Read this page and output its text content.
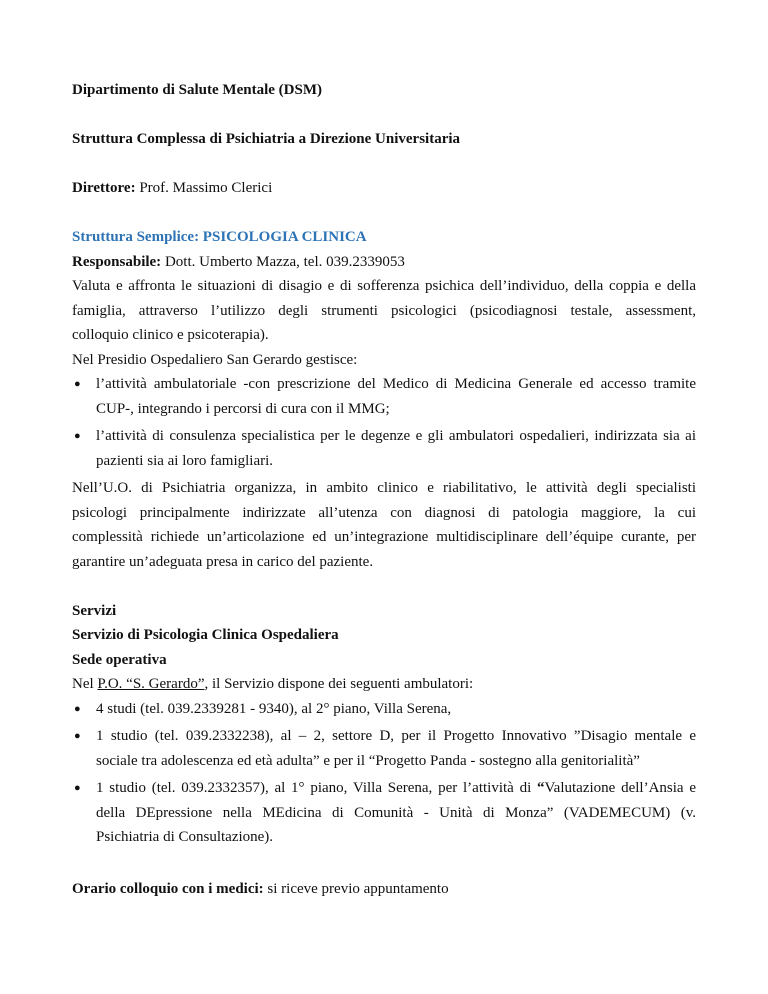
Dipartimento di Salute Mentale (DSM)

Struttura Complessa di Psichiatria a Direzione Universitaria

Direttore: Prof. Massimo Clerici

Struttura Semplice: PSICOLOGIA CLINICA

Responsabile: Dott. Umberto Mazza, tel. 039.2339053

Valuta e affronta le situazioni di disagio e di sofferenza psichica dell’individuo, della coppia e della

famiglia, attraverso l’utilizzo degli strumenti psicologici (psicodiagnosi testale, assessment,

colloquio clinico e psicoterapia).

Nel Presidio Ospedaliero San Gerardo gestisce:

● l’attività ambulatoriale -con prescrizione del Medico di Medicina Generale ed accesso tramite
CUP-, integrando i percorsi di cura con il MMG;
● l’attività di consulenza specialistica per le degenze e gli ambulatori ospedalieri, indirizzata sia ai
pazienti sia ai loro famigliari.

Nell’U.O. di Psichiatria organizza, in ambito clinico e riabilitativo, le attività degli specialisti

psicologi principalmente indirizzate all’utenza con diagnosi di patologia maggiore, la cui

complessità richiede un’articolazione ed un’integrazione multidisciplinare dell’équipe curante, per

garantire un’adeguata presa in carico del paziente.

Servizi

Servizio di Psicologia Clinica Ospedaliera

Sede operativa

Nel P.O. “S. Gerardo”, il Servizio dispone dei seguenti ambulatori:

● 4 studi (tel. 039.2339281 - 9340), al 2° piano, Villa Serena,
● 1 studio (tel. 039.2332238), al – 2, settore D, per il Progetto Innovativo ”Disagio mentale e
sociale tra adolescenza ed età adulta” e per il “Progetto Panda - sostegno alla genitorialità”
● 1 studio (tel. 039.2332357), al 1° piano, Villa Serena, per l’attività di “Valutazione dell’Ansia e
della DEpressione nella MEdicina di Comunità - Unità di Monza” (VADEMECUM) (v.
Psichiatria di Consultazione).

Orario colloquio con i medici: si riceve previo appuntamento
